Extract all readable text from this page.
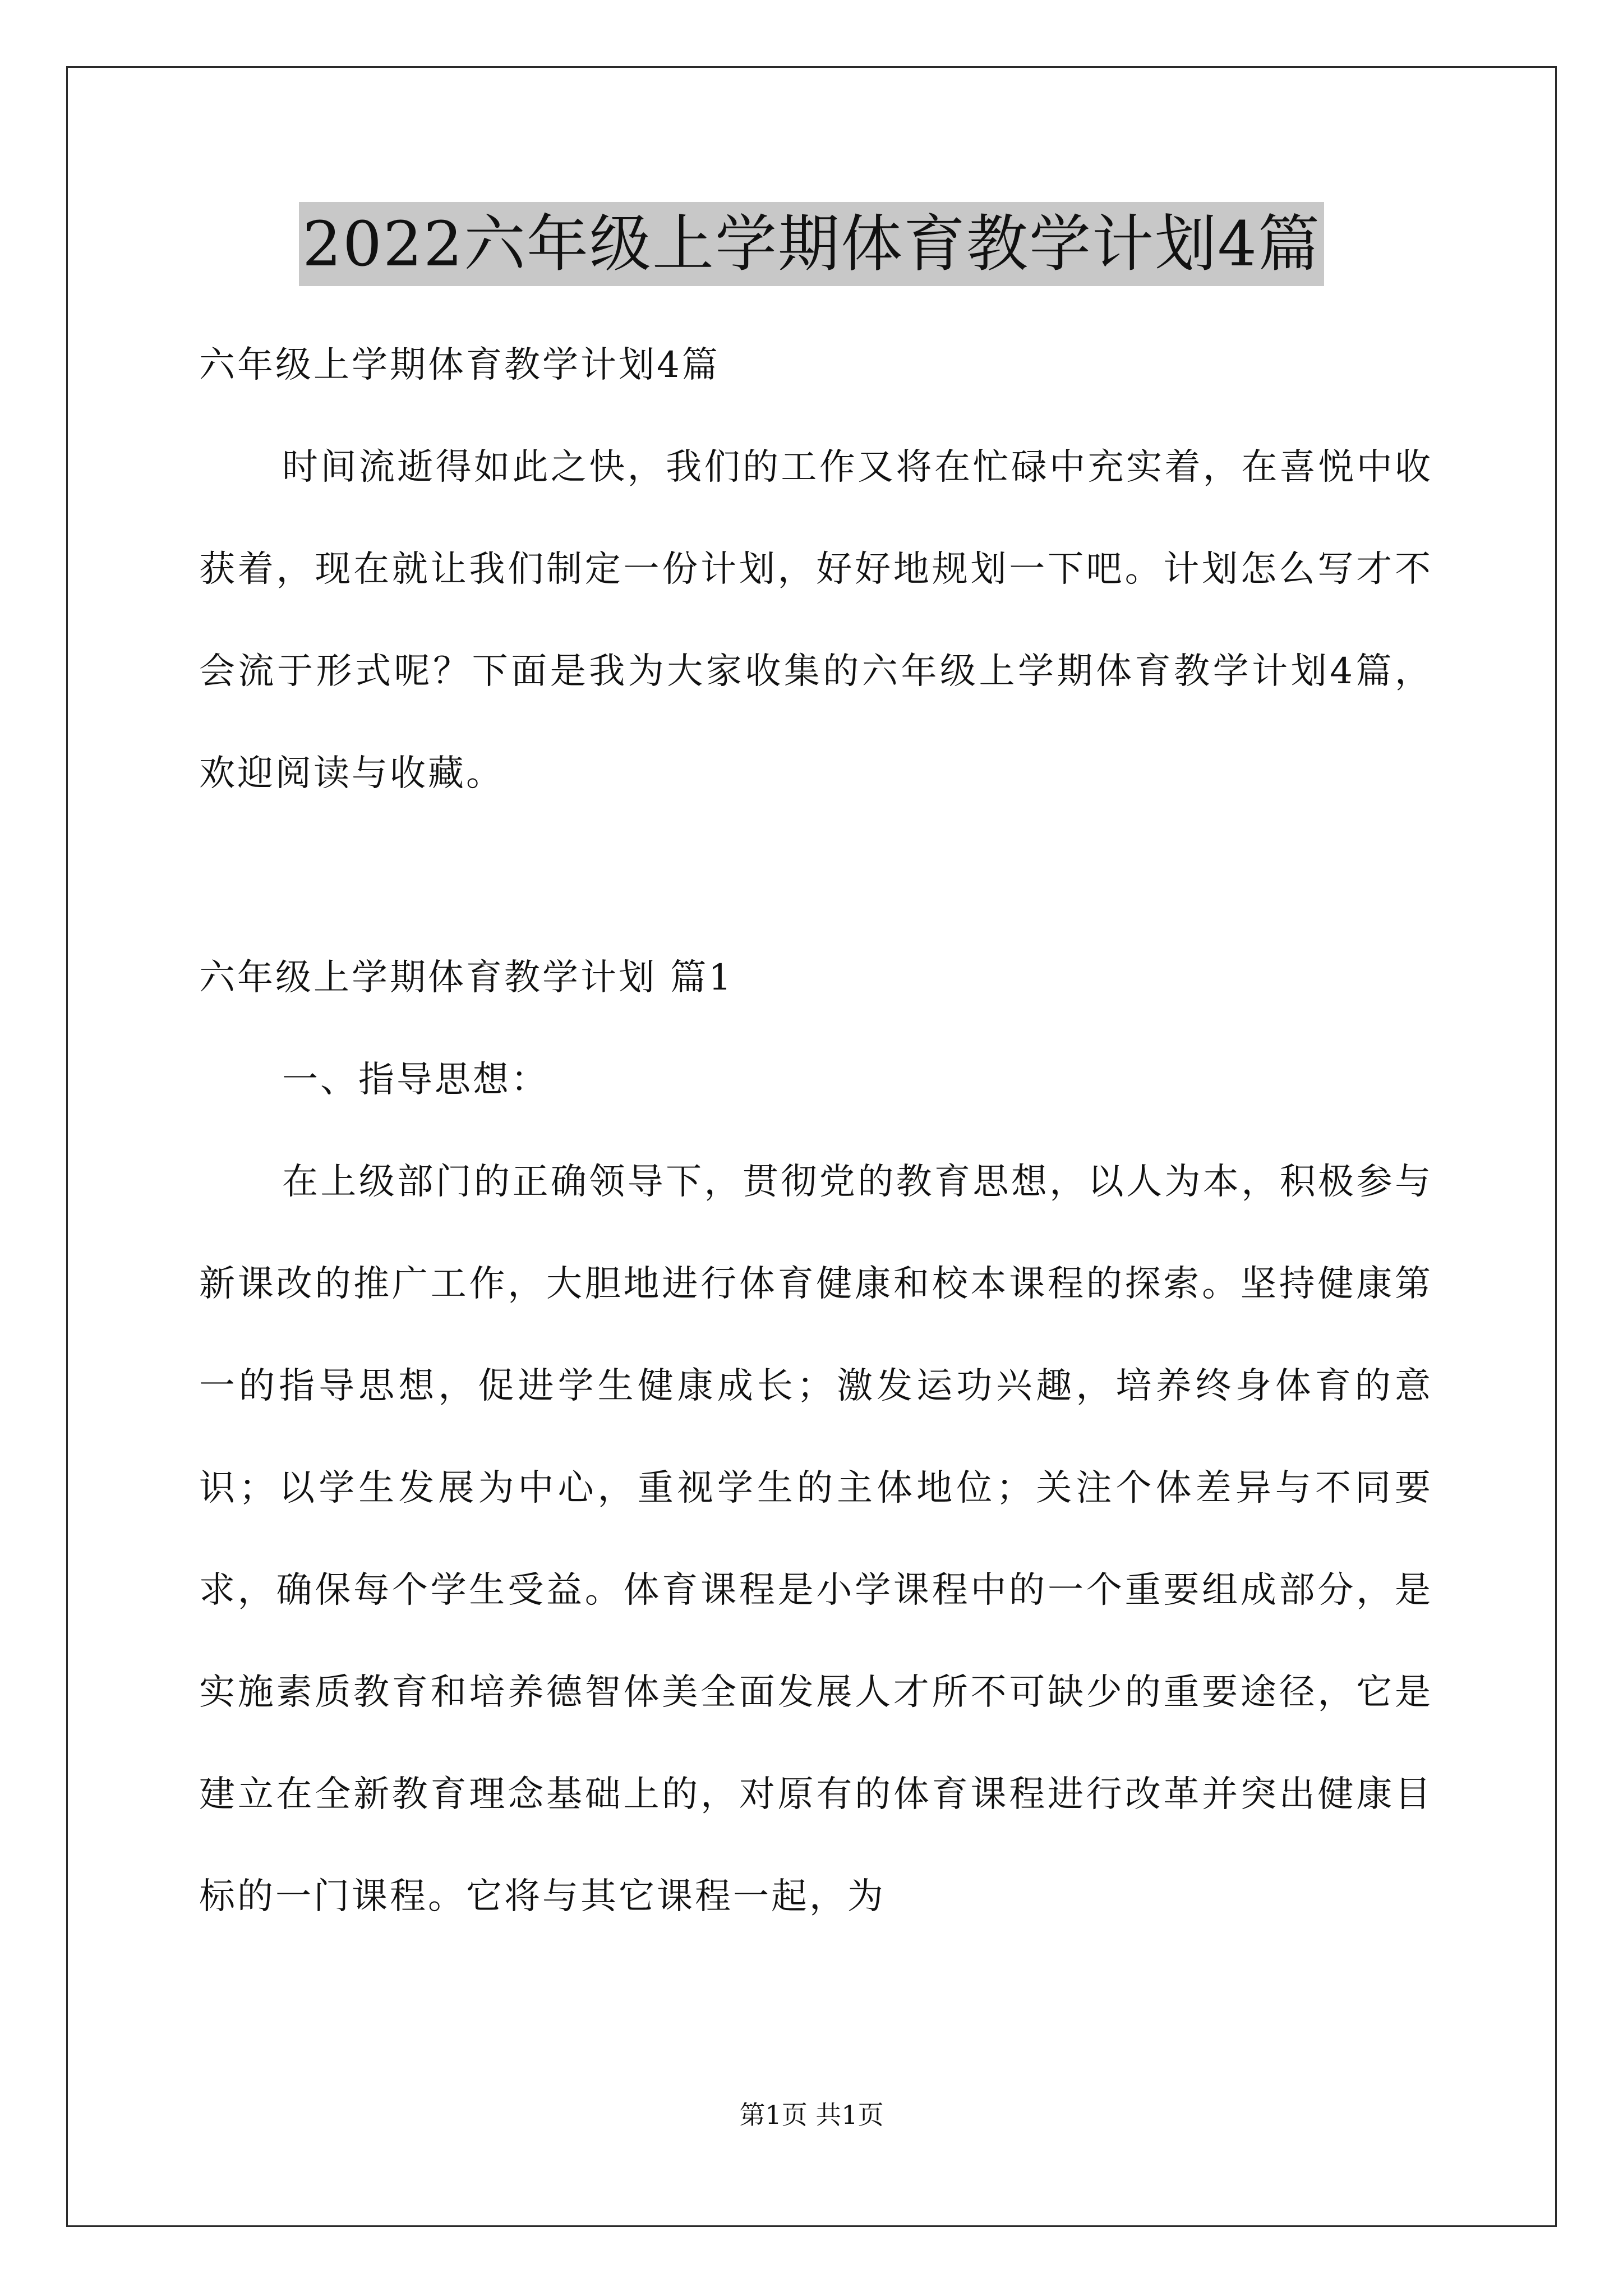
2022六年级上学期体育教学计划4篇

六年级上学期体育教学计划4篇

时间流逝得如此之快，我们的工作又将在忙碌中充实着，在喜悦中收获着，现在就让我们制定一份计划，好好地规划一下吧。计划怎么写才不会流于形式呢？下面是我为大家收集的六年级上学期体育教学计划4篇，欢迎阅读与收藏。

六年级上学期体育教学计划 篇1

一、指导思想：

在上级部门的正确领导下，贯彻党的教育思想，以人为本，积极参与新课改的推广工作，大胆地进行体育健康和校本课程的探索。坚持健康第一的指导思想，促进学生健康成长；激发运功兴趣，培养终身体育的意识；以学生发展为中心，重视学生的主体地位；关注个体差异与不同要求，确保每个学生受益。体育课程是小学课程中的一个重要组成部分，是实施素质教育和培养德智体美全面发展人才所不可缺少的重要途径，它是建立在全新教育理念基础上的，对原有的体育课程进行改革并突出健康目标的一门课程。它将与其它课程一起，为

第1页 共1页
